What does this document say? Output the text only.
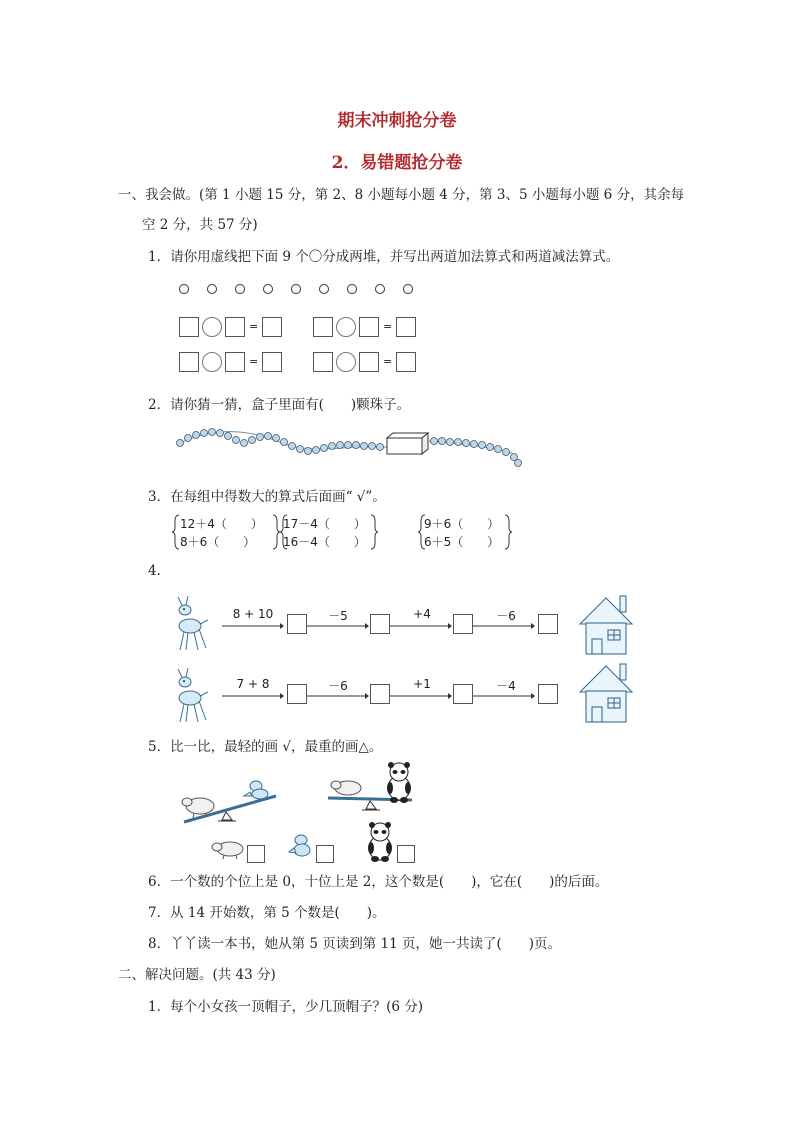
期末冲刺抢分卷
2．易错题抢分卷
一、我会做。(第 1 小题 15 分，第 2、8 小题每小题 4 分，第 3、5 小题每小题 6 分，其余每
空 2 分，共 57 分)
1．请你用虚线把下面 9 个〇分成两堆，并写出两道加法算式和两道减法算式。
=	=
=	=
2．请你猜一猜，盒子里面有(　　)颗珠子。
3．在每组中得数大的算式后面画“ √”。
12＋4（　　）
8＋6（　　）
17－4（　　）
16－4（　　）
9＋6（　　）
6＋5（　　）
4．
8 + 10	－5	+4	－6
7 + 8	－6	+1	－4
5．比一比，最轻的画 √，最重的画△。
6．一个数的个位上是 0，十位上是 2，这个数是(　　)，它在(　　)的后面。
7．从 14 开始数，第 5 个数是(　　)。
8．丫丫读一本书，她从第 5 页读到第 11 页，她一共读了(　　)页。
二、解决问题。(共 43 分)
1．每个小女孩一顶帽子，少几顶帽子？(6 分)
